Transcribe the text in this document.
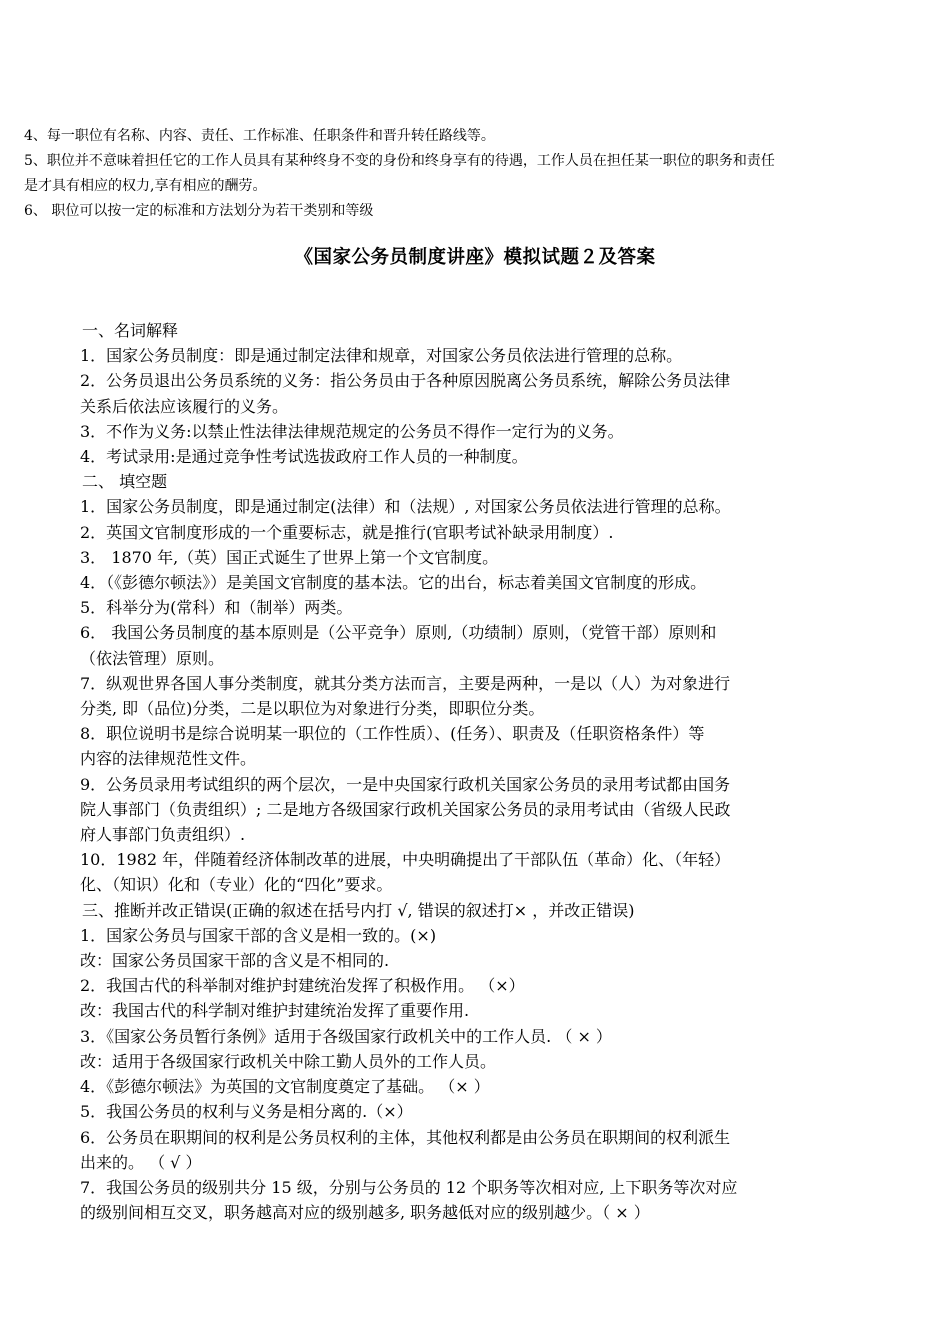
4、每一职位有名称、内容、责任、工作标准、任职条件和晋升转任路线等。

5、职位并不意味着担任它的工作人员具有某种终身不变的身份和终身享有的待遇，工作人员在担任某一职位的职务和责任

是才具有相应的权力,享有相应的酬劳。

6、 职位可以按一定的标准和方法划分为若干类别和等级

《国家公务员制度讲座》模拟试题２及答案

一、名词解释

1．国家公务员制度：即是通过制定法律和规章，对国家公务员依法进行管理的总称。

2．公务员退出公务员系统的义务：指公务员由于各种原因脱离公务员系统，解除公务员法律

关系后依法应该履行的义务。

3．不作为义务:以禁止性法律法律规范规定的公务员不得作一定行为的义务。

4．考试录用:是通过竞争性考试选拔政府工作人员的一种制度。

二、 填空题

1．国家公务员制度，即是通过制定(法律）和（法规）, 对国家公务员依法进行管理的总称。

2．英国文官制度形成的一个重要标志，就是推行(官职考试补缺录用制度）.

3． 1870 年,（英）国正式诞生了世界上第一个文官制度。

4．（《彭德尔顿法》）是美国文官制度的基本法。它的出台，标志着美国文官制度的形成。

5．科举分为(常科）和（制举）两类。

6． 我国公务员制度的基本原则是（公平竞争）原则,（功绩制）原则，（党管干部）原则和

（依法管理）原则。

7．纵观世界各国人事分类制度，就其分类方法而言，主要是两种，一是以（人）为对象进行

分类, 即（品位)分类，二是以职位为对象进行分类，即职位分类。

8．职位说明书是综合说明某一职位的（工作性质）、(任务）、职责及（任职资格条件）等

内容的法律规范性文件。

9．公务员录用考试组织的两个层次，一是中央国家行政机关国家公务员的录用考试都由国务

院人事部门（负责组织）; 二是地方各级国家行政机关国家公务员的录用考试由（省级人民政

府人事部门负责组织）.

10．1982 年，伴随着经济体制改革的进展，中央明确提出了干部队伍（革命）化、（年轻）

化、（知识）化和（专业）化的“四化”要求。

三、推断并改正错误(正确的叙述在括号内打 √, 错误的叙述打× ，并改正错误)

1．国家公务员与国家干部的含义是相一致的。(×)

改：国家公务员国家干部的含义是不相同的.

2．我国古代的科举制对维护封建统治发挥了积极作用。 （×）

改：我国古代的科学制对维护封建统治发挥了重要作用.

3．《国家公务员暂行条例》适用于各级国家行政机关中的工作人员. （ × ）

改：适用于各级国家行政机关中除工勤人员外的工作人员。

4．《彭德尔顿法》为英国的文官制度奠定了基础。 （× ）

5．我国公务员的权利与义务是相分离的.（×）

6．公务员在职期间的权利是公务员权利的主体，其他权利都是由公务员在职期间的权利派生

出来的。 （ √ ）

7．我国公务员的级别共分 15 级，分别与公务员的 12 个职务等次相对应, 上下职务等次对应

的级别间相互交叉，职务越高对应的级别越多, 职务越低对应的级别越少。（ × ）
